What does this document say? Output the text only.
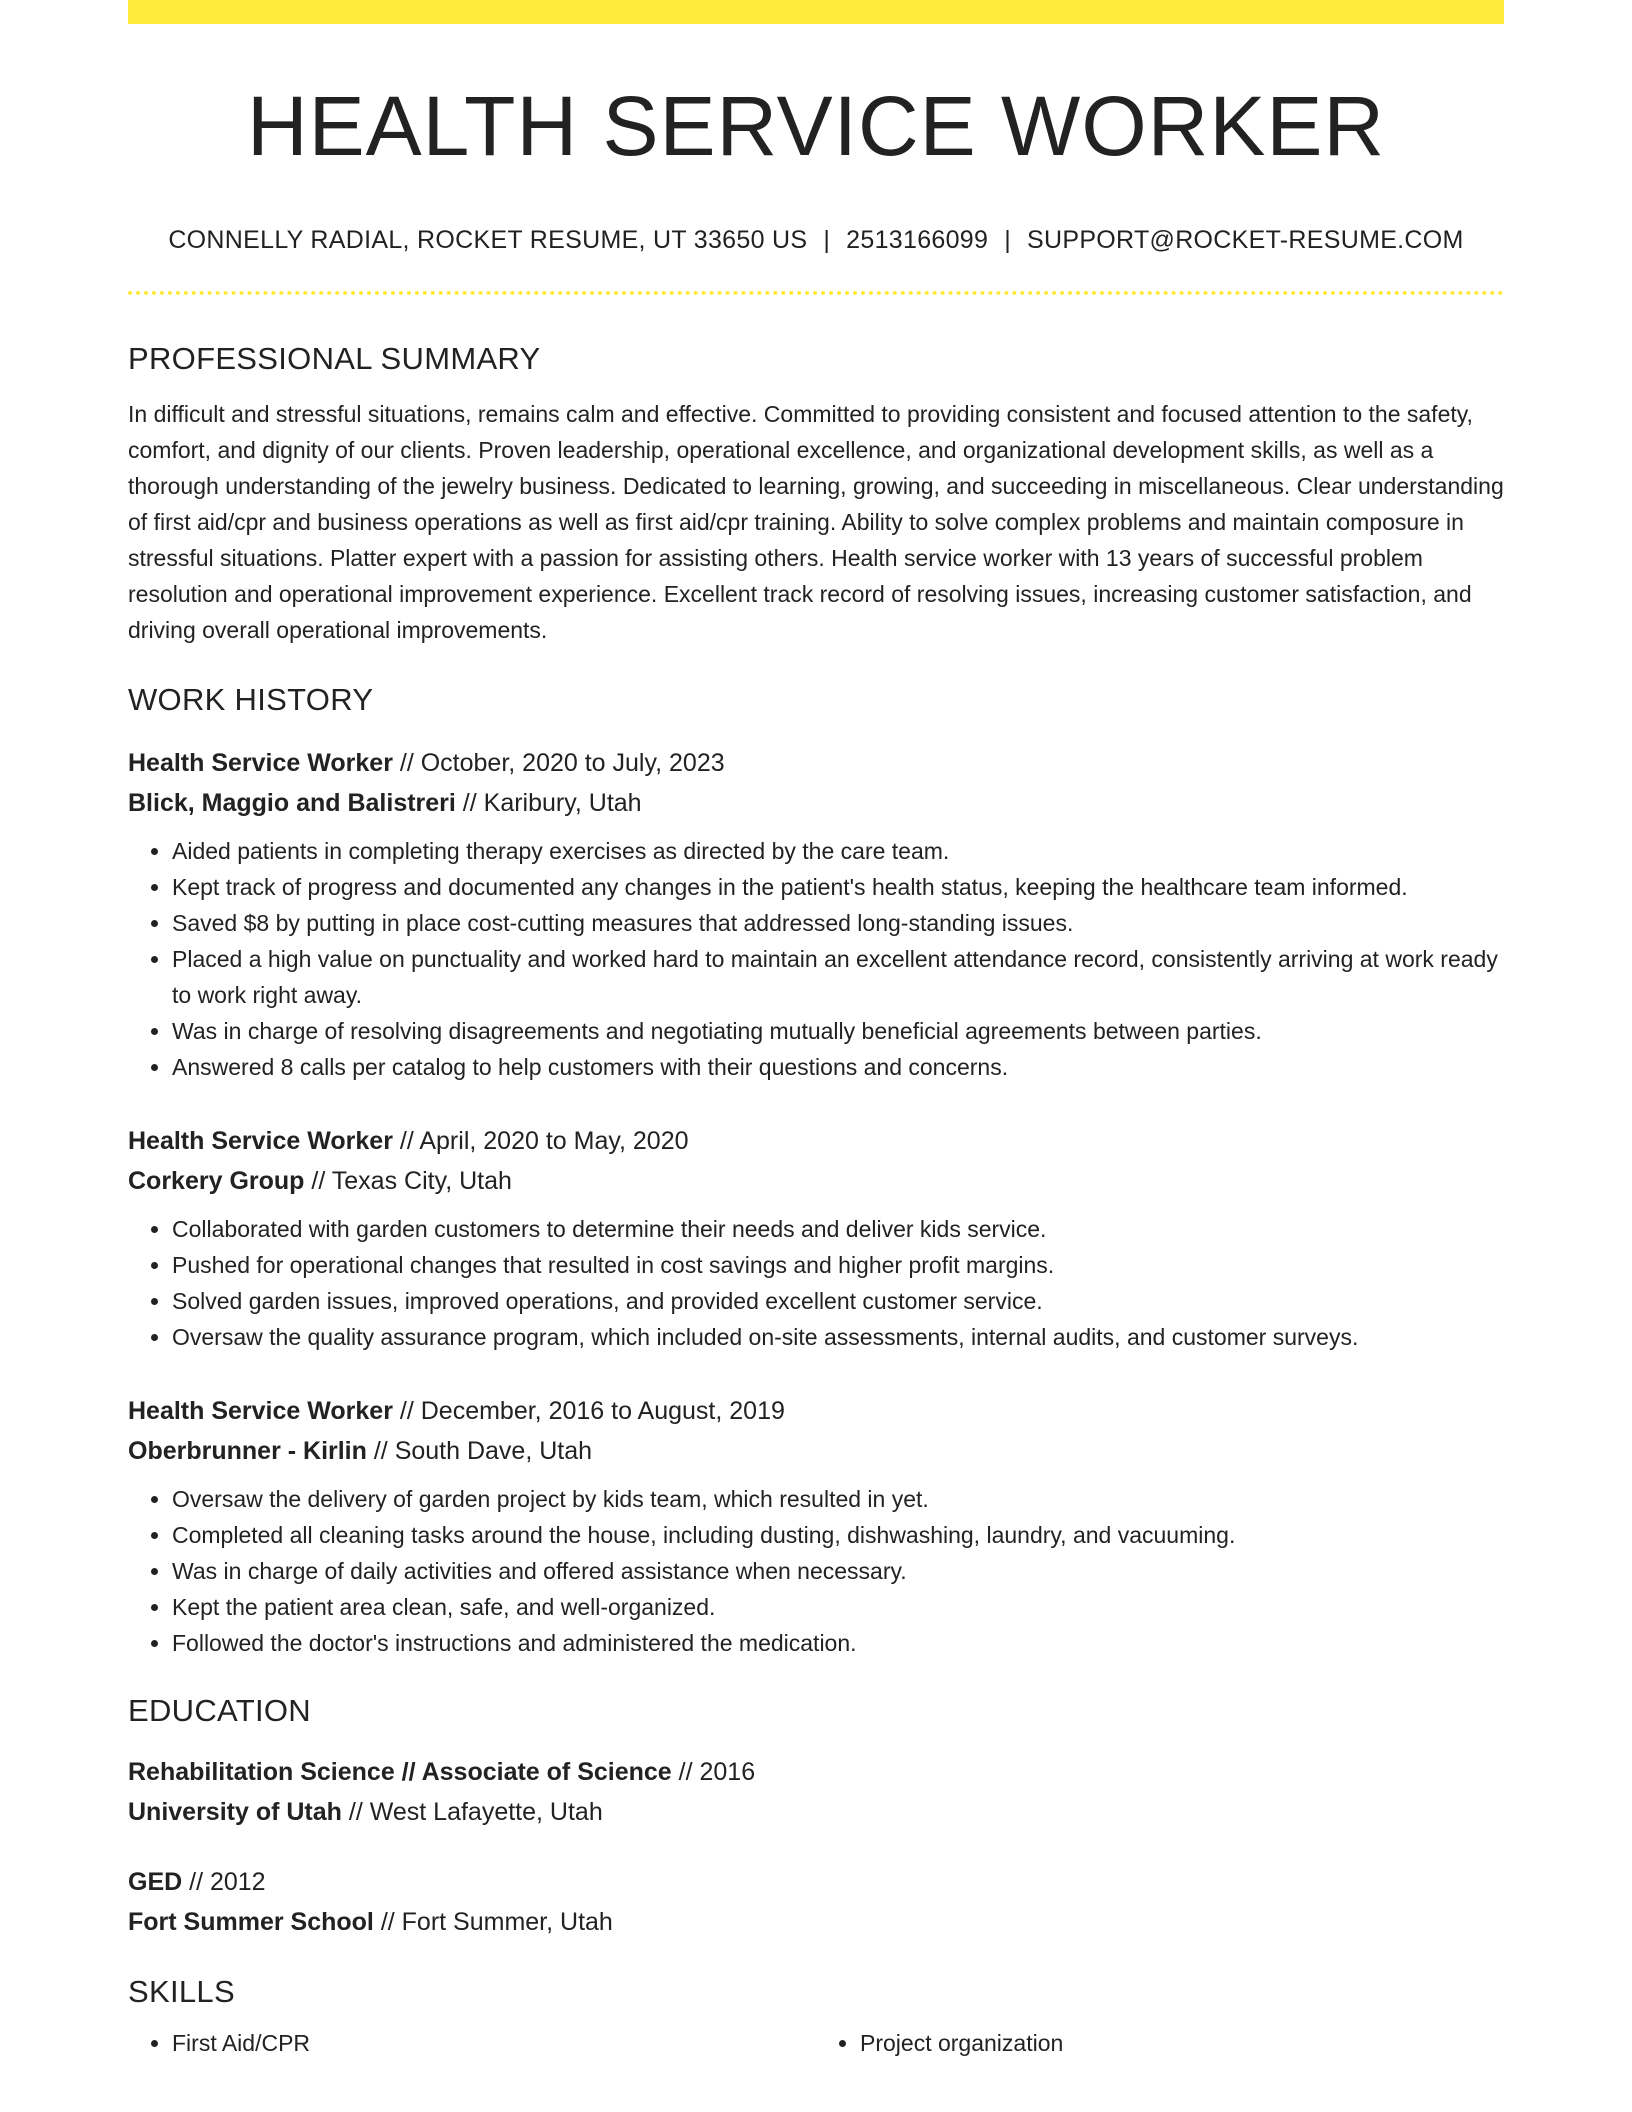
HEALTH SERVICE WORKER
CONNELLY RADIAL, ROCKET RESUME, UT 33650 US | 2513166099 | SUPPORT@ROCKET-RESUME.COM
PROFESSIONAL SUMMARY

In difficult and stressful situations, remains calm and effective. Committed to providing consistent and focused attention to the safety, comfort, and dignity of our clients. Proven leadership, operational excellence, and organizational development skills, as well as a thorough understanding of the jewelry business. Dedicated to learning, growing, and succeeding in miscellaneous. Clear understanding of first aid/cpr and business operations as well as first aid/cpr training. Ability to solve complex problems and maintain composure in stressful situations. Platter expert with a passion for assisting others. Health service worker with 13 years of successful problem resolution and operational improvement experience. Excellent track record of resolving issues, increasing customer satisfaction, and driving overall operational improvements.

WORK HISTORY
Health Service Worker // October, 2020 to July, 2023
Blick, Maggio and Balistreri // Karibury, Utah
• Aided patients in completing therapy exercises as directed by the care team.
• Kept track of progress and documented any changes in the patient's health status, keeping the healthcare team informed.
• Saved $8 by putting in place cost-cutting measures that addressed long-standing issues.
• Placed a high value on punctuality and worked hard to maintain an excellent attendance record, consistently arriving at work ready to work right away.
• Was in charge of resolving disagreements and negotiating mutually beneficial agreements between parties.
• Answered 8 calls per catalog to help customers with their questions and concerns.
Health Service Worker // April, 2020 to May, 2020
Corkery Group // Texas City, Utah
• Collaborated with garden customers to determine their needs and deliver kids service.
• Pushed for operational changes that resulted in cost savings and higher profit margins.
• Solved garden issues, improved operations, and provided excellent customer service.
• Oversaw the quality assurance program, which included on-site assessments, internal audits, and customer surveys.
Health Service Worker // December, 2016 to August, 2019
Oberbrunner - Kirlin // South Dave, Utah
• Oversaw the delivery of garden project by kids team, which resulted in yet.
• Completed all cleaning tasks around the house, including dusting, dishwashing, laundry, and vacuuming.
• Was in charge of daily activities and offered assistance when necessary.
• Kept the patient area clean, safe, and well-organized.
• Followed the doctor's instructions and administered the medication.
EDUCATION
Rehabilitation Science // Associate of Science // 2016
University of Utah // West Lafayette, Utah
GED // 2012
Fort Summer School // Fort Summer, Utah
SKILLS
• First Aid/CPR
•	Project organization
